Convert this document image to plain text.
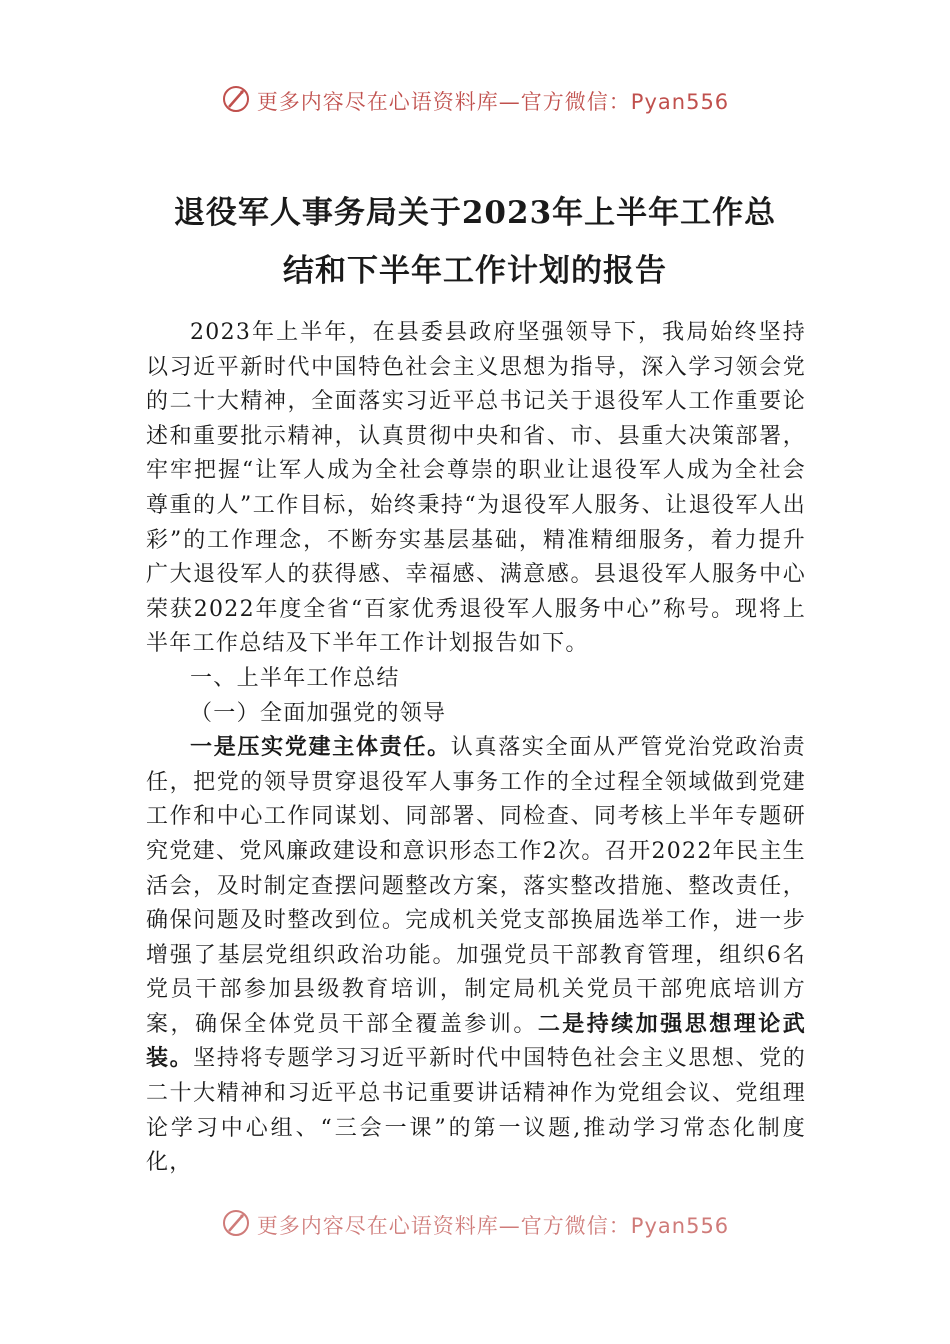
更多内容尽在心语资料库—官方微信：Pyan556
退役军人事务局关于2023年上半年工作总
结和下半年工作计划的报告

2023年上半年，在县委县政府坚强领导下，我局始终坚持以习近平新时代中国特色社会主义思想为指导，深入学习领会党的二十大精神，全面落实习近平总书记关于退役军人工作重要论述和重要批示精神，认真贯彻中央和省、市、县重大决策部署，牢牢把握“让军人成为全社会尊崇的职业让退役军人成为全社会尊重的人”工作目标，始终秉持“为退役军人服务、让退役军人出彩”的工作理念，不断夯实基层基础，精准精细服务，着力提升广大退役军人的获得感、幸福感、满意感。县退役军人服务中心荣获2022年度全省“百家优秀退役军人服务中心”称号。现将上半年工作总结及下半年工作计划报告如下。

一、上半年工作总结

（一）全面加强党的领导

一是压实党建主体责任。认真落实全面从严管党治党政治责任，把党的领导贯穿退役军人事务工作的全过程全领域做到党建工作和中心工作同谋划、同部署、同检查、同考核上半年专题研究党建、党风廉政建设和意识形态工作2次。召开2022年民主生活会，及时制定查摆问题整改方案，落实整改措施、整改责任，确保问题及时整改到位。完成机关党支部换届选举工作，进一步增强了基层党组织政治功能。加强党员干部教育管理，组织6名党员干部参加县级教育培训，制定局机关党员干部兜底培训方案，确保全体党员干部全覆盖参训。二是持续加强思想理论武装。坚持将专题学习习近平新时代中国特色社会主义思想、党的二十大精神和习近平总书记重要讲话精神作为党组会议、党组理论学习中心组、“三会一课”的第一议题,推动学习常态化制度化，

更多内容尽在心语资料库—官方微信：Pyan556
